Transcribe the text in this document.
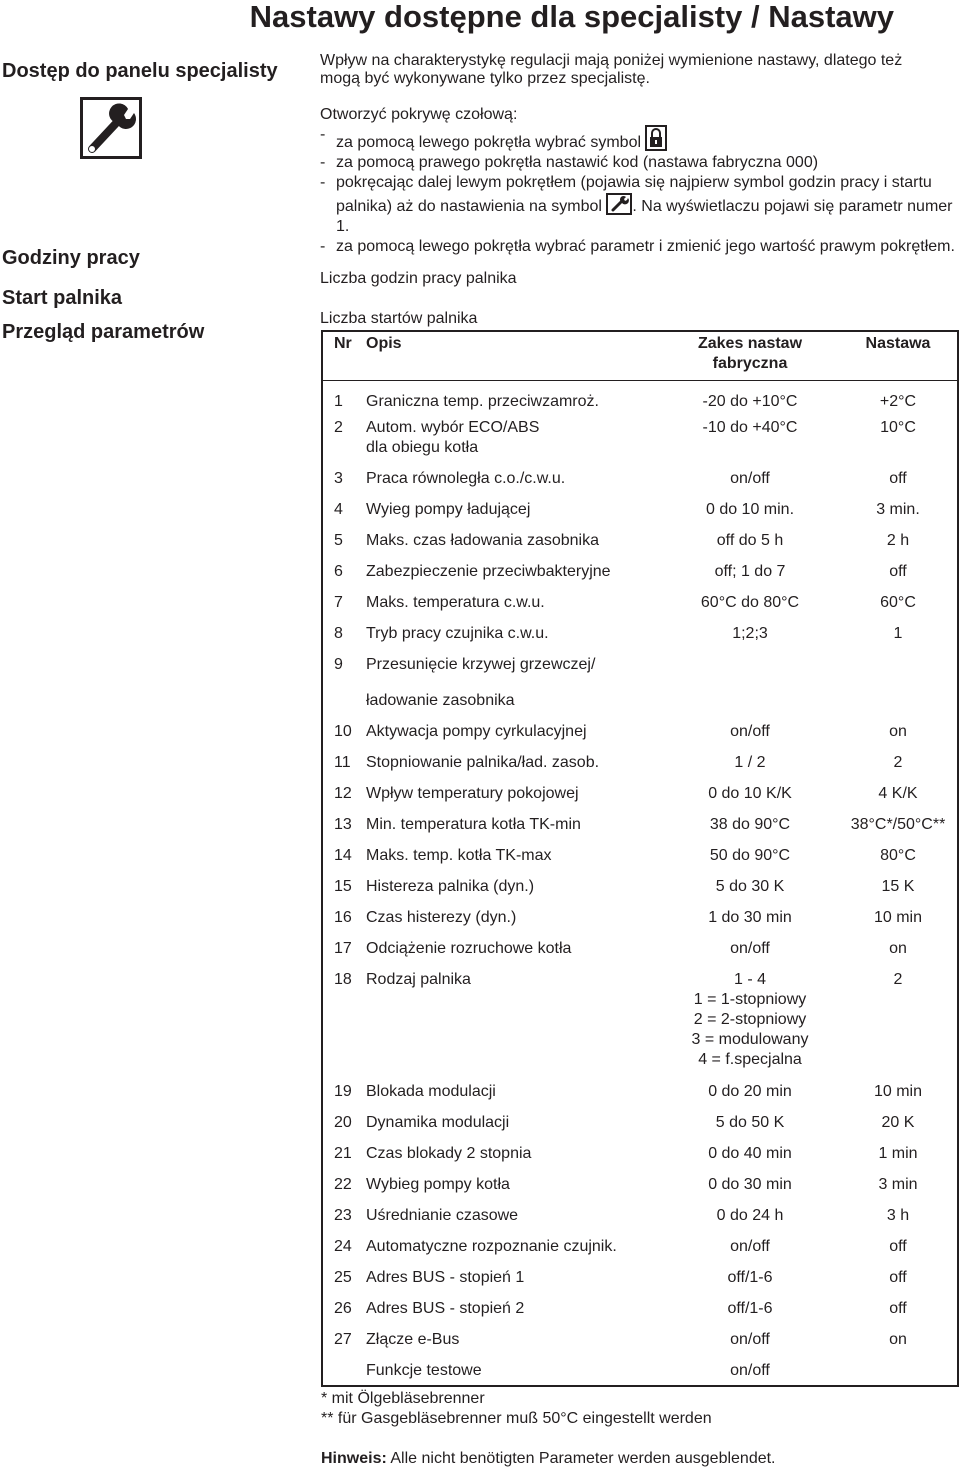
Nastawy dostępne dla specjalisty / Nastawy
Dostęp do panelu specjalisty
Godziny pracy
Start palnika
Przegląd parametrów
Wpływ na charakterystykę regulacji mają poniżej wymienione nastawy, dlatego też mogą być wykonywane tylko przez specjalistę.
Otworzyć pokrywę czołową:
- za pomocą lewego pokrętła wybrać symbol
- za pomocą prawego pokrętła nastawić kod (nastawa fabryczna 000)
- pokręcając dalej lewym pokrętłem (pojawia się najpierw symbol godzin pracy i startu palnika) aż do nastawienia na symbol . Na wyświetlaczu pojawi się parametr numer 1.
- za pomocą lewego pokrętła wybrać parametr i zmienić jego wartość prawym pokrętłem.
Liczba godzin pracy palnika
Liczba startów palnika
Nr	Opis	Zakes nastaw fabryczna	Nastawa
1	Graniczna temp. przeciwzamroż.	-20 do +10°C	+2°C
2	Autom. wybór ECO/ABS
dla obiegu kotła	-10 do +40°C	10°C
3	Praca równoległa c.o./c.w.u.	on/off	off
4	Wyieg pompy ładującej	0 do 10 min.	3 min.
5	Maks. czas ładowania zasobnika	off do 5 h	2 h
6	Zabezpieczenie przeciwbakteryjne	off; 1 do 7	off
7	Maks. temperatura c.w.u.	60°C do 80°C	60°C
8	Tryb pracy czujnika c.w.u.	1;2;3	1
9	Przesunięcie krzywej grzewczej/
ładowanie zasobnika		

10	Aktywacja pompy cyrkulacyjnej	on/off	on
11	Stopniowanie palnika/ład. zasob.	1 / 2	2
12	Wpływ temperatury pokojowej	0 do 10 K/K	4 K/K
13	Min. temperatura kotła TK-min	38 do 90°C	38°C*/50°C**
14	Maks. temp. kotła TK-max	50 do 90°C	80°C
15	Histereza palnika (dyn.)	5 do 30 K	15 K
16	Czas histerezy (dyn.)	1 do 30 min	10 min
17	Odciążenie rozruchowe kotła	on/off	on
18	Rodzaj palnika	1 - 4
1 = 1-stopniowy
2 = 2-stopniowy
3 = modulowany
4 = f.specjalna	2
19	Blokada modulacji	0 do 20 min	10 min
20	Dynamika modulacji	5 do 50 K	20 K
21	Czas blokady 2 stopnia	0 do 40 min	1 min
22	Wybieg pompy kotła	0 do 30 min	3 min
23	Uśrednianie czasowe	0 do 24 h	3 h
24	Automatyczne rozpoznanie czujnik.	on/off	off
25	Adres BUS - stopień 1	off/1-6	off
26	Adres BUS - stopień 2	off/1-6	off
27	Złącze e-Bus	on/off	on
	Funkcje testowe	on/off	
* mit Ölgebläsebrenner
** für Gasgebläsebrenner muß 50°C eingestellt werden
Hinweis: Alle nicht benötigten Parameter werden ausgeblendet.
